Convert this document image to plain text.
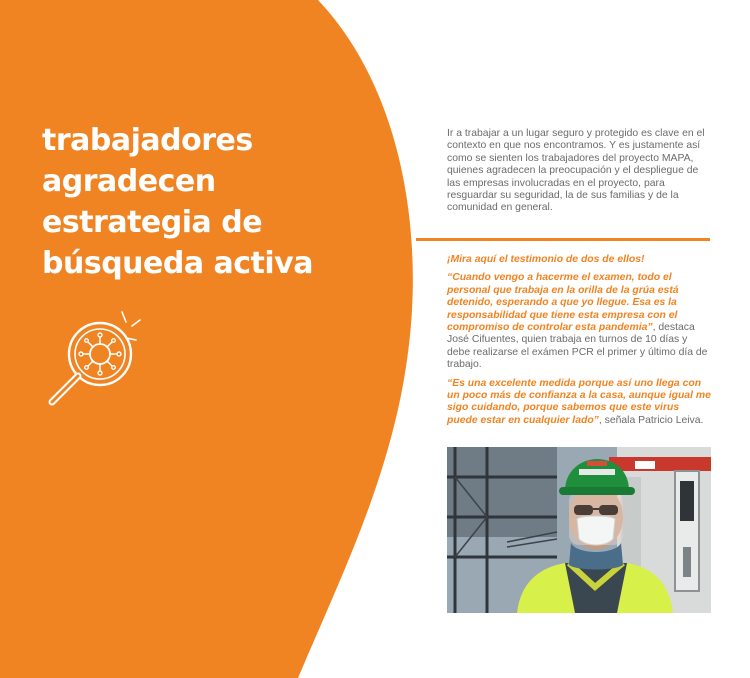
trabajadores
agradecen
estrategia de
búsqueda activa

Ir a trabajar a un lugar seguro y protegido es clave en el contexto en que nos encontramos. Y es justamente así como se sienten los trabajadores del proyecto MAPA, quienes agradecen la preocupación y el despliegue de las empresas involucradas en el proyecto, para resguardar su seguridad, la de sus familias y de la comunidad en general.

¡Mira aquí el testimonio de dos de ellos!

“Cuando vengo a hacerme el examen, todo el personal que trabaja en la orilla de la grúa está detenido, esperando a que yo llegue. Esa es la responsabilidad que tiene esta empresa con el compromiso de controlar esta pandemia”, destaca José Cifuentes, quien trabaja en turnos de 10 días y debe realizarse el exámen PCR el primer y último día de trabajo.

“Es una excelente medida porque así uno llega con un poco más de confianza a la casa, aunque igual me sigo cuidando, porque sabemos que este virus puede estar en cualquier lado”, señala Patricio Leiva.
